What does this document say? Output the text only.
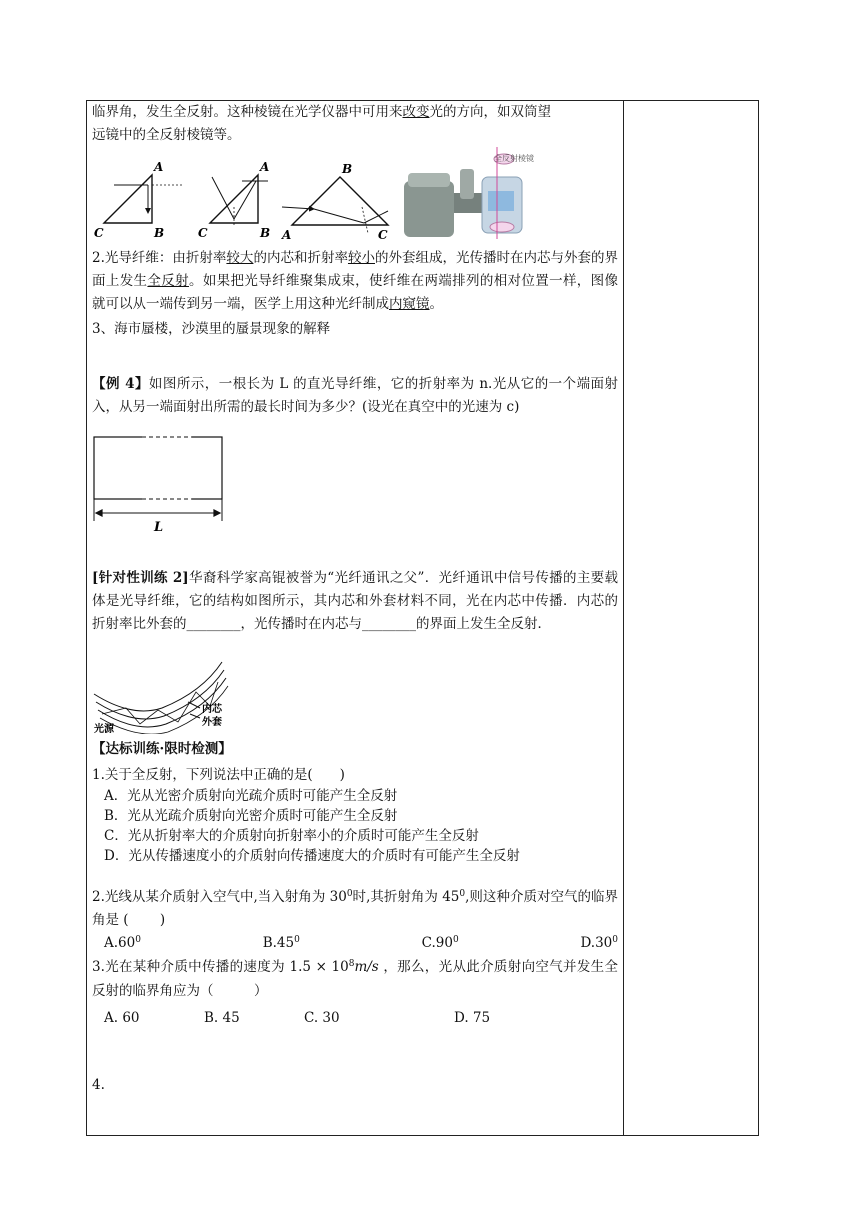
临界角，发生全反射。这种棱镜在光学仪器中可用来改变光的方向，如双筒望

远镜中的全反射棱镜等。

A
B
C
A
B
C
B
A	C
全反射棱镜

2.光导纤维：由折射率较大的内芯和折射率较小的外套组成，光传播时在内芯与外套的界面上发生全反射。如果把光导纤维聚集成束，使纤维在两端排列的相对位置一样，图像就可以从一端传到另一端，医学上用这种光纤制成内窥镜。

3、海市蜃楼，沙漠里的蜃景现象的解释

【例 4】如图所示，一根长为 L 的直光导纤维，它的折射率为 n.光从它的一个端面射入，从另一端面射出所需的最长时间为多少？(设光在真空中的光速为 c)

L

[针对性训练 2]华裔科学家高锟被誉为“光纤通讯之父”．光纤通讯中信号传播的主要载体是光导纤维，它的结构如图所示，其内芯和外套材料不同，光在内芯中传播．内芯的折射率比外套的________，光传播时在内芯与________的界面上发生全反射．

光源
内芯
外套

【达标训练·限时检测】

1.关于全反射，下列说法中正确的是(　　)

A．光从光密介质射向光疏介质时可能产生全反射

B．光从光疏介质射向光密介质时可能产生全反射

C．光从折射率大的介质射向折射率小的介质时可能产生全反射

D．光从传播速度小的介质射向传播速度大的介质时有可能产生全反射

2.光线从某介质射入空气中,当入射角为 $30^0$时,其折射角为 $45^0$,则这种介质对空气的临界角是 (　　 )

$A.60^0$	$B.45^0$	$C.90^0$	$D.30^0$

3.光在某种介质中传播的速度为 $1.5 \times 10^8m/s$ ，那么，光从此介质射向空气并发生全反射的临界角应为（　　　）

A. 60	B. 45	C. 30	D. 75

4.
